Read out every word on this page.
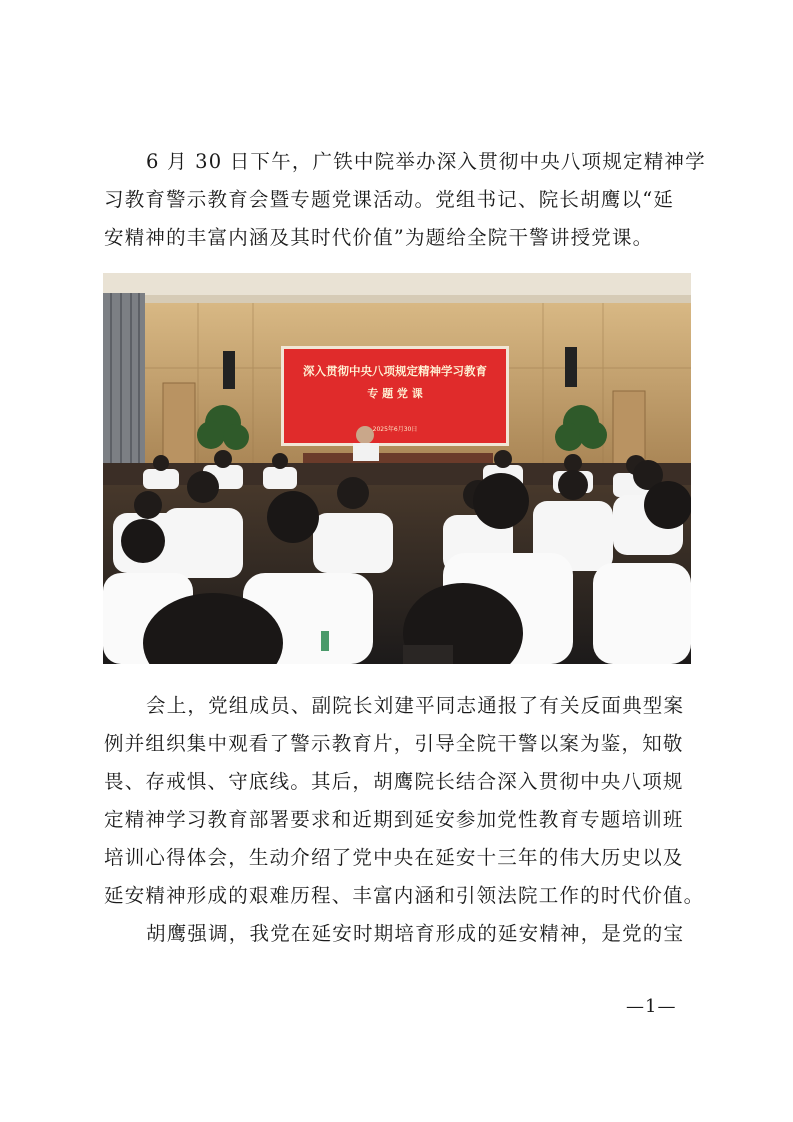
6 月 30 日下午，广铁中院举办深入贯彻中央八项规定精神学
习教育警示教育会暨专题党课活动。党组书记、院长胡鹰以“延
安精神的丰富内涵及其时代价值”为题给全院干警讲授党课。
深入贯彻中央八项规定精神学习教育
专 题 党 课
2025年6月30日
会上，党组成员、副院长刘建平同志通报了有关反面典型案
例并组织集中观看了警示教育片，引导全院干警以案为鉴，知敬
畏、存戒惧、守底线。其后，胡鹰院长结合深入贯彻中央八项规
定精神学习教育部署要求和近期到延安参加党性教育专题培训班
培训心得体会，生动介绍了党中央在延安十三年的伟大历史以及
延安精神形成的艰难历程、丰富内涵和引领法院工作的时代价值。
胡鹰强调，我党在延安时期培育形成的延安精神，是党的宝
—1—
